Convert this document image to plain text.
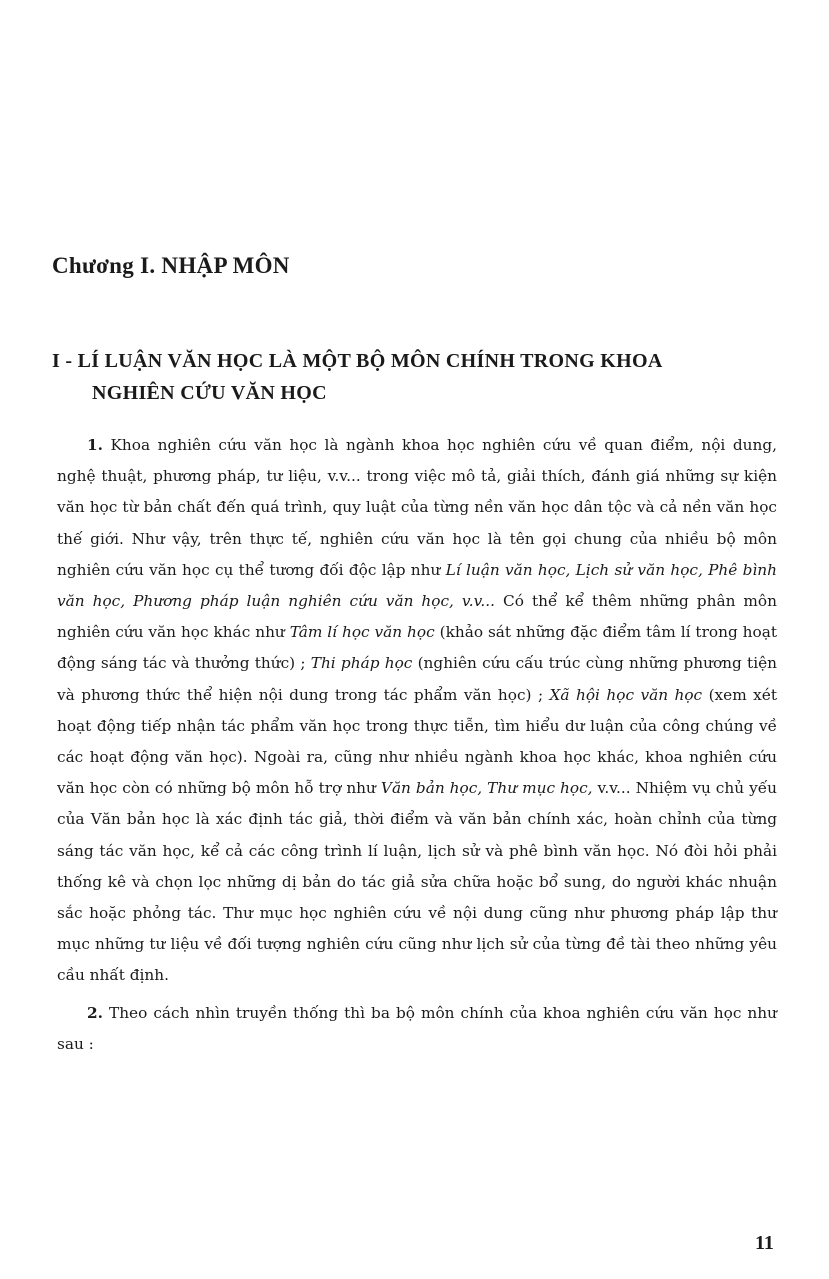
Chương I. NHẬP MÔN
I - LÍ LUẬN VĂN HỌC LÀ MỘT BỘ MÔN CHÍNH TRONG KHOA
NGHIÊN CỨU VĂN HỌC

1. Khoa nghiên cứu văn học là ngành khoa học nghiên cứu về quan điểm, nội dung, nghệ thuật, phương pháp, tư liệu, v.v... trong việc mô tả, giải thích, đánh giá những sự kiện văn học từ bản chất đến quá trình, quy luật của từng nền văn học dân tộc và cả nền văn học thế giới. Như vậy, trên thực tế, nghiên cứu văn học là tên gọi chung của nhiều bộ môn nghiên cứu văn học cụ thể tương đối độc lập như Lí luận văn học, Lịch sử văn học, Phê bình văn học, Phương pháp luận nghiên cứu văn học, v.v... Có thể kể thêm những phân môn nghiên cứu văn học khác như Tâm lí học văn học (khảo sát những đặc điểm tâm lí trong hoạt động sáng tác và thưởng thức) ; Thi pháp học (nghiên cứu cấu trúc cùng những phương tiện và phương thức thể hiện nội dung trong tác phẩm văn học) ; Xã hội học văn học (xem xét hoạt động tiếp nhận tác phẩm văn học trong thực tiễn, tìm hiểu dư luận của công chúng về các hoạt động văn học). Ngoài ra, cũng như nhiều ngành khoa học khác, khoa nghiên cứu văn học còn có những bộ môn hỗ trợ như Văn bản học, Thư mục học, v.v... Nhiệm vụ chủ yếu của Văn bản học là xác định tác giả, thời điểm và văn bản chính xác, hoàn chỉnh của từng sáng tác văn học, kể cả các công trình lí luận, lịch sử và phê bình văn học. Nó đòi hỏi phải thống kê và chọn lọc những dị bản do tác giả sửa chữa hoặc bổ sung, do người khác nhuận sắc hoặc phỏng tác. Thư mục học nghiên cứu về nội dung cũng như phương pháp lập thư mục những tư liệu về đối tượng nghiên cứu cũng như lịch sử của từng đề tài theo những yêu cầu nhất định.

2. Theo cách nhìn truyền thống thì ba bộ môn chính của khoa nghiên cứu văn học như sau :

11
